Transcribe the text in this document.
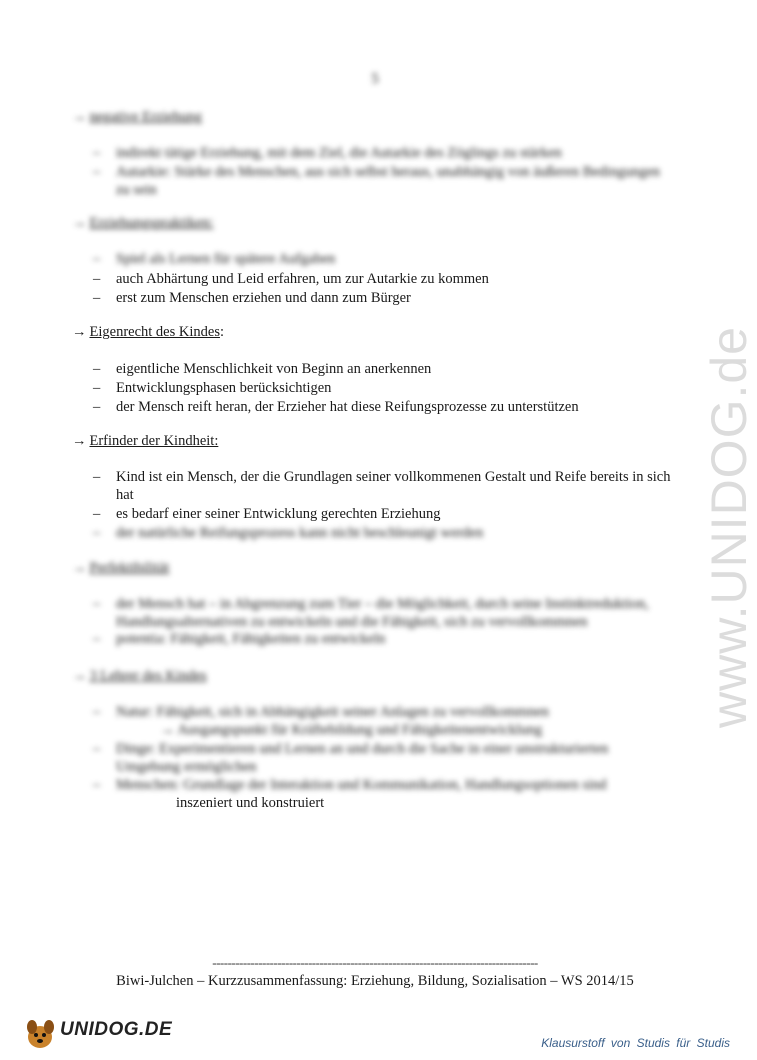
5
→ negative Erziehung
–	indirekt tätige Erziehung, mit dem Ziel, die Autarkie des Zöglings zu stärken
–	Autarkie: Stärke des Menschen, aus sich selbst heraus, unabhängig von äußeren Bedingungen zu sein
→ Erziehungspraktiken:
–	Spiel als Lernen für spätere Aufgaben
–	auch Abhärtung und Leid erfahren, um zur Autarkie zu kommen
–	erst zum Menschen erziehen und dann zum Bürger
→ Eigenrecht des Kindes:
–	eigentliche Menschlichkeit von Beginn an anerkennen
–	Entwicklungsphasen berücksichtigen
–	der Mensch reift heran, der Erzieher hat diese Reifungsprozesse zu unterstützen
→ Erfinder der Kindheit:
–	Kind ist ein Mensch, der die Grundlagen seiner vollkommenen Gestalt und Reife bereits in sich hat
–	es bedarf einer seiner Entwicklung gerechten Erziehung
–	der natürliche Reifungsprozess kann nicht beschleunigt werden
→ Perfektibilität
–	der Mensch hat – in Abgrenzung zum Tier – die Möglichkeit, durch seine Instinktreduktion, Handlungsalternativen zu entwickeln und die Fähigkeit, sich zu vervollkommnen
–	potentia: Fähigkeit, Fähigkeiten zu entwickeln
→ 3 Lehrer des Kindes
–	Natur: Fähigkeit, sich in Abhängigkeit seiner Anlagen zu vervollkommnen
→ Ausgangspunkt für Kräftebildung und Fähigkeitenentwicklung
–	Dinge: Experimentieren und Lernen an und durch die Sache in einer unstrukturierten Umgebung ermöglichen
–	Menschen: Grundlage der Interaktion und Kommunikation, Handlungsoptionen sind
inszeniert und konstruiert
www.UNIDOG.de
-------------------------------------------------------------------------------------
Biwi-Julchen – Kurzzusammenfassung: Erziehung, Bildung, Sozialisation – WS 2014/15
UNIDOG.DE
Klausurstoff von Studis für Studis
